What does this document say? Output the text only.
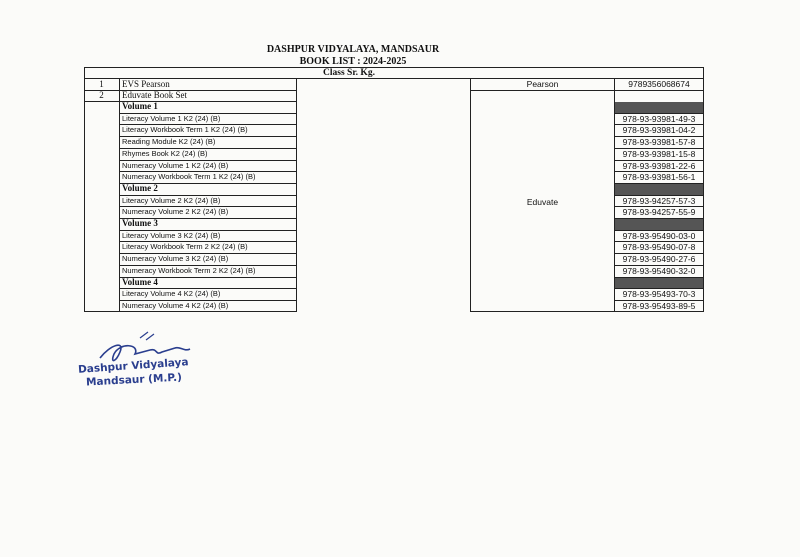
DASHPUR VIDYALAYA, MANDSAUR
BOOK LIST : 2024-2025
Class Sr. Kg.
1	EVS Pearson
2	Eduvate Book Set
Volume 1
Literacy Volume 1 K2 (24) (B)
Literacy Workbook Term 1 K2 (24) (B)
Reading Module K2 (24) (B)
Rhymes Book K2 (24) (B)
Numeracy Volume 1 K2 (24) (B)
Numeracy Workbook Term 1 K2 (24) (B)
Volume 2
Literacy Volume 2 K2 (24) (B)
Numeracy Volume 2 K2 (24) (B)
Volume 3
Literacy Volume 3 K2 (24) (B)
Literacy Workbook Term 2 K2 (24) (B)
Numeracy Volume 3 K2 (24) (B)
Numeracy Workbook Term 2 K2 (24) (B)
Volume 4
Literacy Volume 4 K2 (24) (B)
Numeracy Volume 4 K2 (24) (B)
Pearson
Eduvate
9789356068674
978-93-93981-49-3
978-93-93981-04-2
978-93-93981-57-8
978-93-93981-15-8
978-93-93981-22-6
978-93-93981-56-1
978-93-94257-57-3
978-93-94257-55-9
978-93-95490-03-0
978-93-95490-07-8
978-93-95490-27-6
978-93-95490-32-0
978-93-95493-70-3
978-93-95493-89-5
Dashpur Vidyalaya
Mandsaur (M.P.)
